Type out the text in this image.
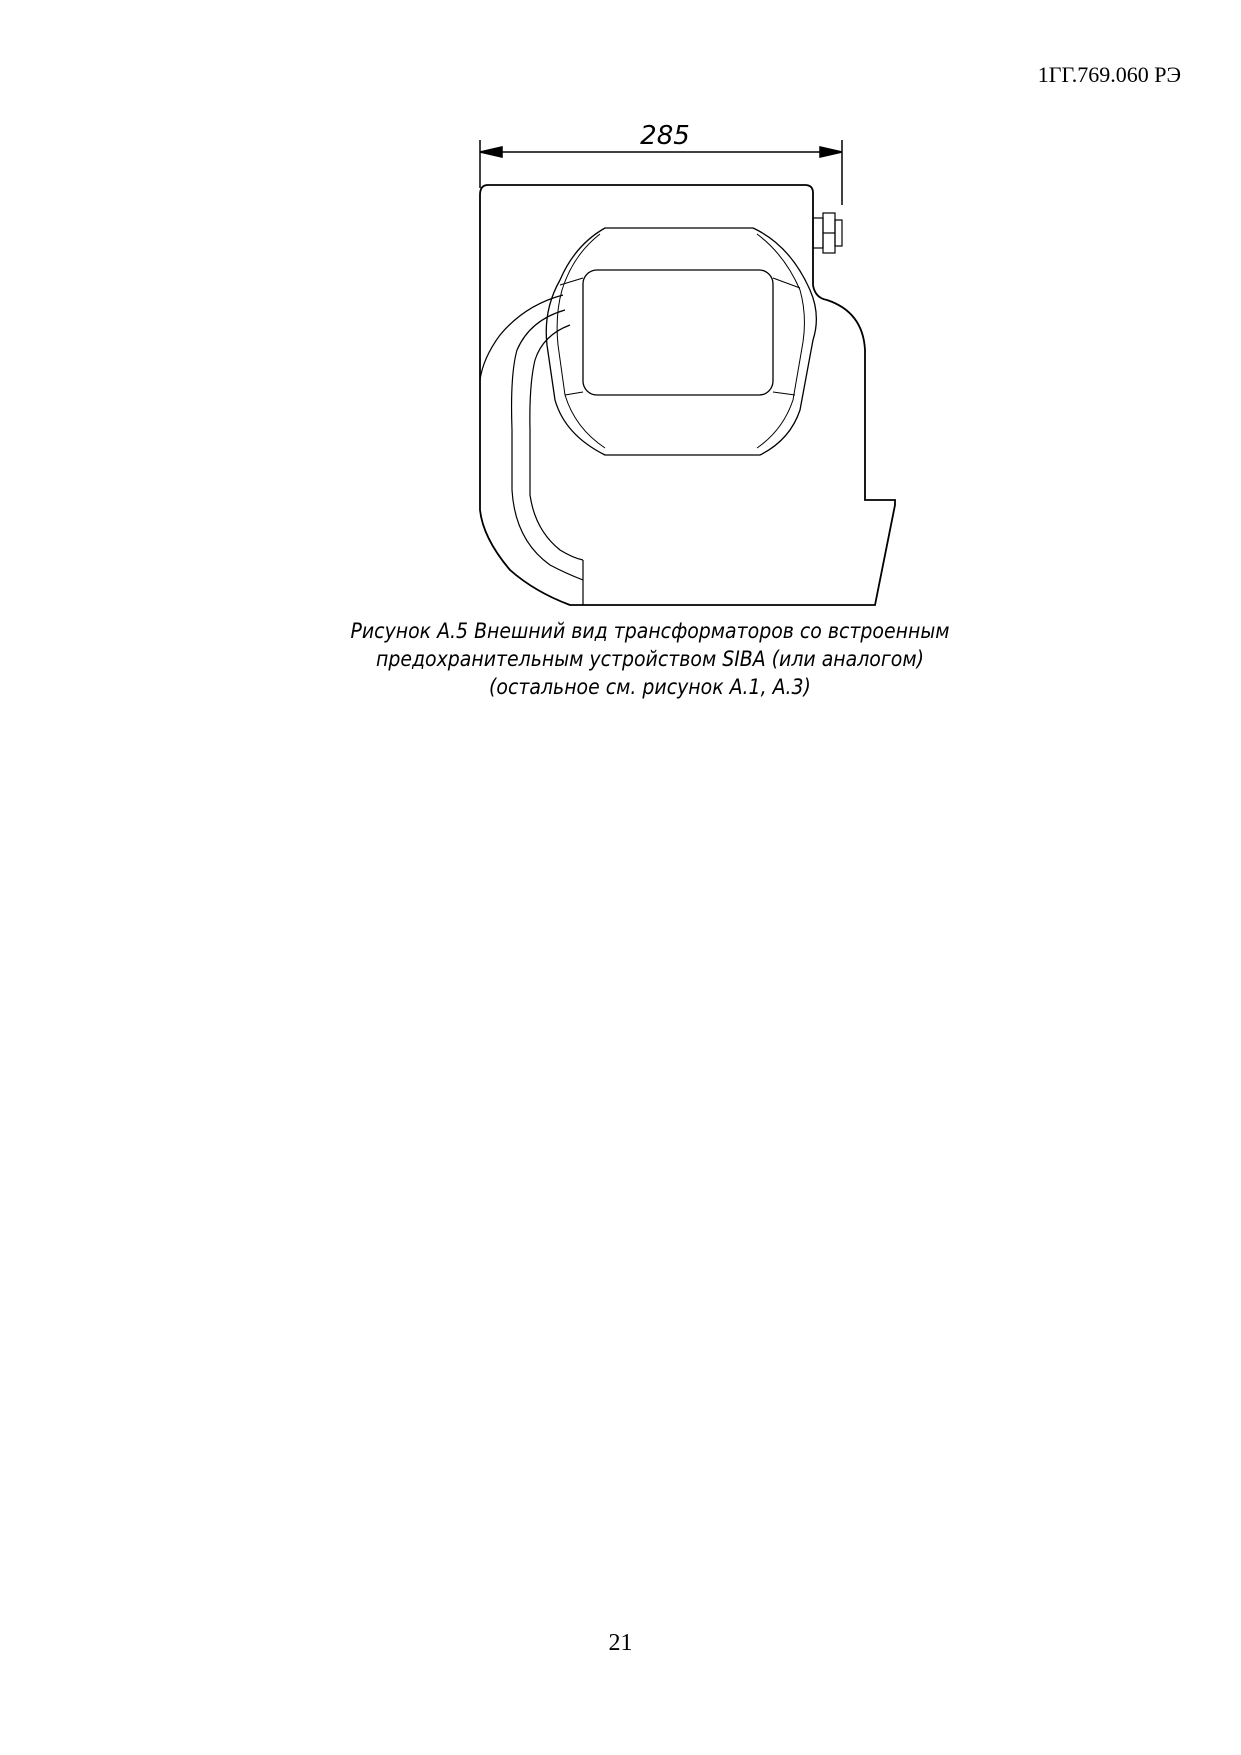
1ГГ.769.060 РЭ
285
Рисунок А.5 Внешний вид трансформаторов со встроенным
предохранительным устройством SIBA (или аналогом)
(остальное см. рисунок А.1, А.3)
21
